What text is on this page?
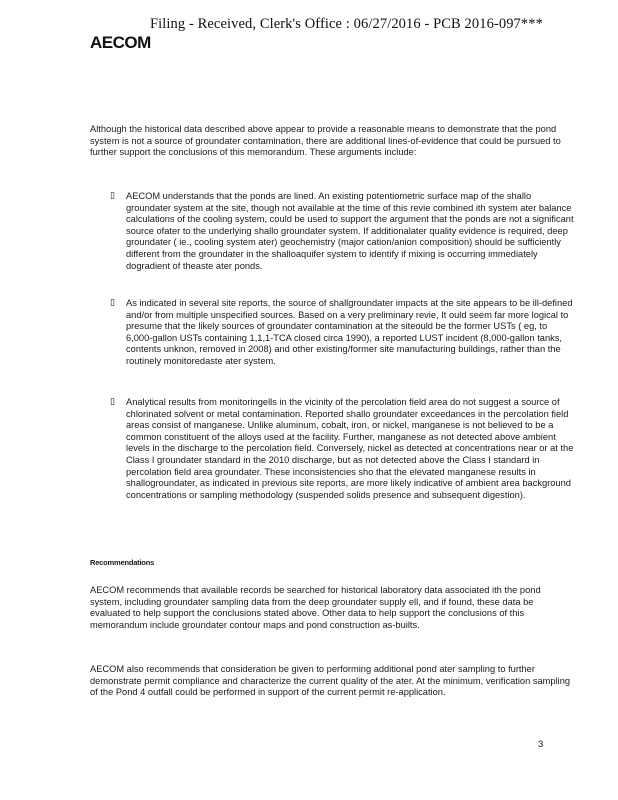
Filing - Received, Clerk's Office : 06/27/2016 - PCB 2016-097***
AECOM

Although the historical data described above appear to provide a reasonable means to demonstrate that the pond system is not a source of groundater contamination, there are additional lines-of-evidence that could be pursued to further support the conclusions of this memorandum. These arguments include:

▯ AECOM understands that the ponds are lined. An existing potentiometric surface map of the shallo groundater system at the site, though not available at the time of this revie combined ith system ater balance calculations of the cooling system, could be used to support the argument that the ponds are not a significant source ofater to the underlying shallo groundater system. If additionalater quality evidence is required, deep groundater ( ie., cooling system ater) geochemistry (major cation/anion composition) should be sufficiently different from the groundater in the shalloaquifer system to identify if mixing is occurring immediately dogradient of theaste ater ponds.

▯ As indicated in several site reports, the source of shallgroundater impacts at the site appears to be ill-defined and/or from multiple unspecified sources. Based on a very preliminary revie, It ould seem far more logical to presume that the likely sources of groundater contamination at the siteould be the former USTs ( eg, to 6,000-gallon USTs containing 1,1,1-TCA closed circa 1990), a reported LUST incident (8,000-gallon tanks, contents unknon, removed in 2008) and other existing/former site manufacturing buildings, rather than the routinely monitoredaste ater system.

▯ Analytical results from monitoringells in the vicinity of the percolation field area do not suggest a source of chlorinated solvent or metal contamination. Reported shallo groundater exceedances in the percolation field areas consist of manganese. Unlike aluminum, cobalt, iron, or nickel, manganese is not believed to be a common constituent of the alloys used at the facility. Further, manganese as not detected above ambient levels in the discharge to the percolation field. Conversely, nickel as detected at concentrations near or at the Class I groundater standard in the 2010 discharge, but as not detected above the Class I standard in percolation field area groundater. These inconsistencies sho that the elevated manganese results in shallogroundater, as indicated in previous site reports, are more likely indicative of ambient area background concentrations or sampling methodology (suspended solids presence and subsequent digestion).

Recommendations

AECOM recommends that available records be searched for historical laboratory data associated ith the pond system, including groundater sampling data from the deep groundater supply ell, and if found, these data be evaluated to help support the conclusions stated above. Other data to help support the conclusions of this memorandum include groundater contour maps and pond construction as-builts.

AECOM also recommends that consideration be given to performing additional pond ater sampling to further demonstrate permit compliance and characterize the current quality of the ater. At the minimum, verification sampling of the Pond 4 outfall could be performed in support of the current permit re-application.

3
